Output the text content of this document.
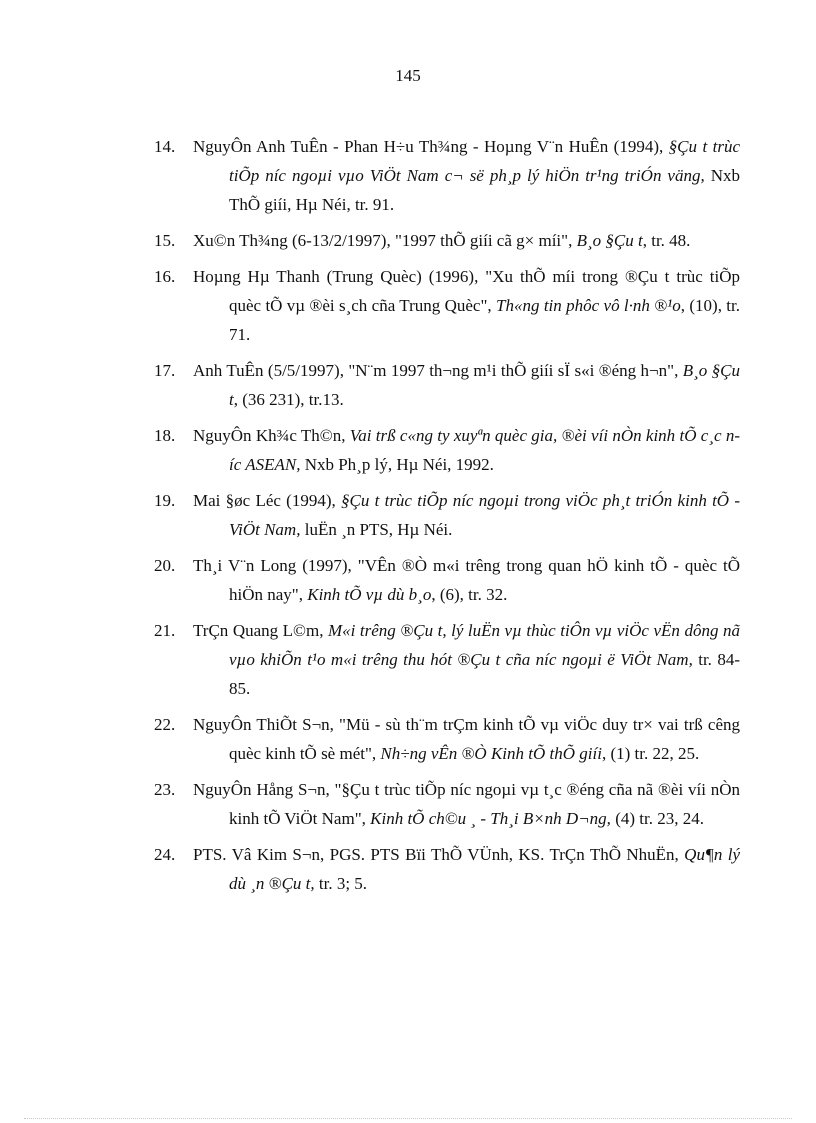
145
14.	NguyÔn Anh TuÊn - Phan H÷u Th¾ng - Hoµng V¨n HuÊn (1994), §Çu t trùc tiÕp níc ngoµi vµo ViÖt Nam c¬ së ph¸p lý hiÖn tr¹ng triÓn väng, Nxb ThÕ giíi, Hµ Néi, tr. 91.
15.	Xu©n Th¾ng (6-13/2/1997), "1997 thÕ giíi cã g× míi", B¸o §Çu t, tr. 48.
16.	Hoµng Hµ Thanh (Trung Quèc) (1996), "Xu thÕ míi trong ®Çu t trùc tiÕp quèc tÕ vµ ®èi s¸ch cña Trung Quèc", Th«ng tin phôc vô l·nh ®¹o, (10), tr. 71.
17.	Anh TuÊn (5/5/1997), "N¨m 1997 th¬ng m¹i thÕ giíi sÏ s«i ®éng h¬n", B¸o §Çu t, (36 231), tr.13.
18.	NguyÔn Kh¾c Th©n, Vai trß c«ng ty xuyªn quèc gia, ®èi víi nÒn kinh tÕ c¸c níc ASEAN, Nxb Ph¸p lý, Hµ Néi, 1992.
19.	Mai §øc Léc (1994), §Çu t trùc tiÕp níc ngoµi trong viÖc ph¸t triÓn kinh tÕ - ViÖt Nam, luËn ¸n PTS, Hµ Néi.
20.	Th¸i V¨n Long (1997), "VÊn ®Ò m«i trêng trong quan hÖ kinh tÕ - quèc tÕ hiÖn nay", Kinh tÕ vµ dù b¸o, (6), tr. 32.
21.	TrÇn Quang L©m, M«i trêng ®Çu t, lý luËn vµ thùc tiÔn vµ viÖc vËn dông nã vµo khiÕn t¹o m«i trêng thu hót ®Çu t cña níc ngoµi ë ViÖt Nam, tr. 84-85.
22.	NguyÔn ThiÕt S¬n, "Mü - sù th¨m trÇm kinh tÕ vµ viÖc duy tr× vai trß cêng quèc kinh tÕ sè mét", Nh÷ng vÊn ®Ò Kinh tÕ thÕ giíi, (1) tr. 22, 25.
23.	NguyÔn Hång S¬n, "§Çu t trùc tiÕp níc ngoµi vµ t¸c ®éng cña nã ®èi víi nÒn kinh tÕ ViÖt Nam", Kinh tÕ ch©u ¸ - Th¸i B×nh D¬ng, (4) tr. 23, 24.
24.	PTS. Vâ Kim S¬n, PGS. PTS Bïi ThÕ VÜnh, KS. TrÇn ThÕ NhuËn, Qu¶n lý dù ¸n ®Çu t, tr. 3; 5.
